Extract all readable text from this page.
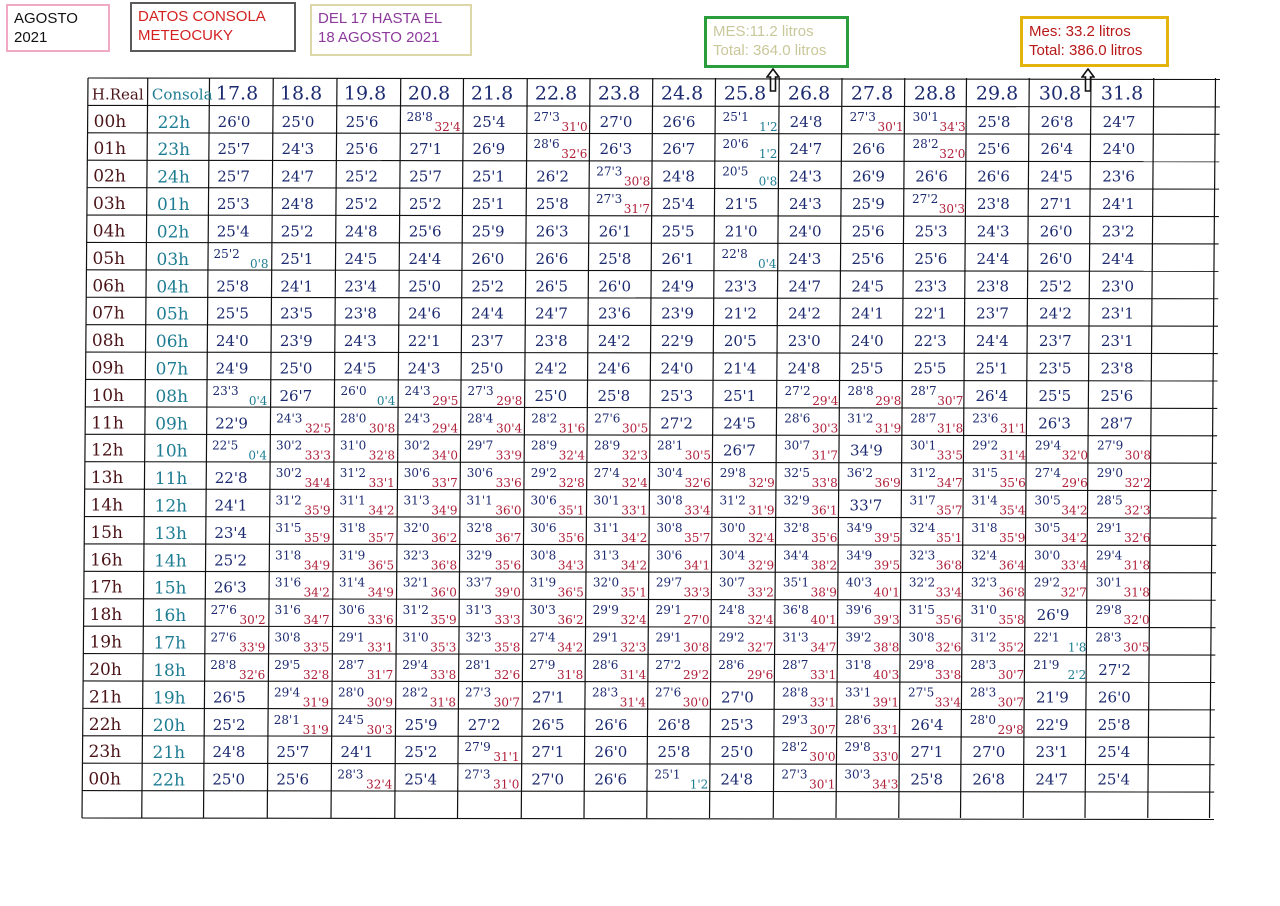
AGOSTO
2021
DATOS CONSOLA
METEOCUKY
DEL 17 HASTA EL
18 AGOSTO 2021	MES:11.2 litros
Total: 364.0 litros
Mes: 33.2 litros
Total: 386.0 litros
H.Real Consola 17.8 18.8 19.8 20.8 21.8 22.8 23.8 24.8 25.8 26.8 27.8 28.8 29.8 30.8 31.8
00h 22h 26'0 25'0 25'6 28'8
32'4 25'4 27'3
31'0 27'0 26'6 25'1
1'2 24'8 27'3
30'1
30'1
34'3 25'8 26'8 24'7
01h 23h 25'7 24'3 25'6 27'1 26'9 28'6
32'6 26'3 26'7 20'6
1'2 24'7 26'6 28'2
32'0 25'6 26'4 24'0
02h 24h 25'7 24'7 25'2 25'7 25'1 26'2 27'3
30'8 24'8 20'5
0'8 24'3 26'9 26'6 26'6 24'5 23'6
03h 01h 25'3 24'8 25'2 25'2 25'1 25'8 27'3
31'7 25'4 21'5 24'3 25'9 27'2
30'3 23'8 27'1 24'1
04h 02h 25'4 25'2 24'8 25'6 25'9 26'3 26'1 25'5 21'0 24'0 25'6 25'3 24'3 26'0 23'2
05h 03h 25'2
0'8 25'1 24'5 24'4 26'0 26'6 25'8 26'1 22'8
0'4 24'3 25'6 25'6 24'4 26'0 24'4
06h 04h 25'8 24'1 23'4 25'0 25'2 26'5 26'0 24'9 23'3 24'7 24'5 23'3 23'8 25'2 23'0
07h 05h 25'5 23'5 23'8 24'6 24'4 24'7 23'6 23'9 21'2 24'2 24'1 22'1 23'7 24'2 23'1
08h 06h 24'0 23'9 24'3 22'1 23'7 23'8 24'2 22'9 20'5 23'0 24'0 22'3 24'4 23'7 23'1
09h 07h 24'9 25'0 24'5 24'3 25'0 24'2 24'6 24'0 21'4 24'8 25'5 25'5 25'1 23'5 23'8
10h 08h 23'3
0'4 26'7 26'0
0'4
24'3
29'5
27'3
29'8 25'0 25'8 25'3 25'1 27'2
29'4
28'8
29'8
28'7
30'7 26'4 25'5 25'6
11h 09h 22'9 24'3
32'5
28'0
30'8
24'3
29'4
28'4
30'4
28'2
31'6
27'6
30'5 27'2 24'5 28'6
30'3
31'2
31'9
28'7
31'8
23'6
31'1 26'3 28'7
12h 10h 22'5
0'4
30'2
33'3
31'0
32'8
30'2
34'0
29'7
33'9
28'9
32'4
28'9
32'3
28'1
30'5 26'7 30'7
31'7 34'9 30'1
33'5
29'2
31'4
29'4
32'0
27'9
30'8
13h 11h 22'8 30'2
34'4
31'2
33'1
30'6
33'7
30'6
33'6
29'2
32'8
27'4
32'4
30'4
32'6
29'8
32'9
32'5
33'8
36'2
36'9
31'2
34'7
31'5
35'6
27'4
29'6
29'0
32'2
14h 12h 24'1 31'2
35'9
31'1
34'2
31'3
34'9
31'1
36'0
30'6
35'1
30'1
33'1
30'8
33'4
31'2
31'9
32'9
36'1 33'7 31'7
35'7
31'4
35'4
30'5
34'2
28'5
32'3
15h 13h 23'4 31'5
35'9
31'8
35'7
32'0
36'2
32'8
36'7
30'6
35'6
31'1
34'2
30'8
35'7
30'0
32'4
32'8
35'6
34'9
39'5
32'4
35'1
31'8
35'9
30'5
34'2
29'1
32'6
16h 14h 25'2 31'8
34'9
31'9
36'5
32'3
36'8
32'9
35'6
30'8
34'3
31'3
34'2
30'6
34'1
30'4
32'9
34'4
38'2
34'9
39'5
32'3
36'8
32'4
36'4
30'0
33'4
29'4
31'8
17h 15h 26'3 31'6
34'2
31'4
34'9
32'1
36'0
33'7
39'0
31'9
36'5
32'0
35'1
29'7
33'3
30'7
33'2
35'1
38'9
40'3
40'1
32'2
33'4
32'3
36'8
29'2
32'7
30'1
31'8
18h 16h 27'6
30'2
31'6
34'7
30'6
33'6
31'2
35'9
31'3
33'3
30'3
36'2
29'9
32'4
29'1
27'0
24'8
32'4
36'8
40'1
39'6
39'3
31'5
35'6
31'0
35'8 26'9 29'8
32'0
19h 17h 27'6
33'9
30'8
33'5
29'1
33'1
31'0
35'3
32'3
35'8
27'4
34'2
29'1
32'3
29'1
30'8
29'2
32'7
31'3
34'7
39'2
38'8
30'8
32'6
31'2
35'2
22'1
1'8
28'3
30'5
20h 18h 28'8
32'6
29'5
32'8
28'7
31'7
29'4
33'8
28'1
32'6
27'9
31'8
28'6
31'4
27'2
29'2
28'6
29'6
28'7
33'1
31'8
40'3
29'8
33'8
28'3
30'7
21'9
2'2 27'2
21h 19h 26'5 29'4
31'9
28'0
30'9
28'2
31'8
27'3
30'7 27'1 28'3
31'4
27'6
30'0 27'0 28'8
33'1
33'1
39'1
27'5
33'4
28'3
30'7 21'9 26'0
22h 20h 25'2 28'1
31'9
24'5
30'3 25'9 27'2 26'5 26'6 26'8 25'3 29'3
30'7
28'6
33'1 26'4 28'0
29'8 22'9 25'8
23h 21h 24'8 25'7 24'1 25'2 27'9
31'1 27'1 26'0 25'8 25'0 28'2
30'0
29'8
33'0 27'1 27'0 23'1 25'4
00h 22h 25'0 25'6 28'3
32'4 25'4 27'3
31'0 27'0 26'6 25'1
1'2 24'8 27'3
30'1
30'3
34'3 25'8 26'8 24'7 25'4
